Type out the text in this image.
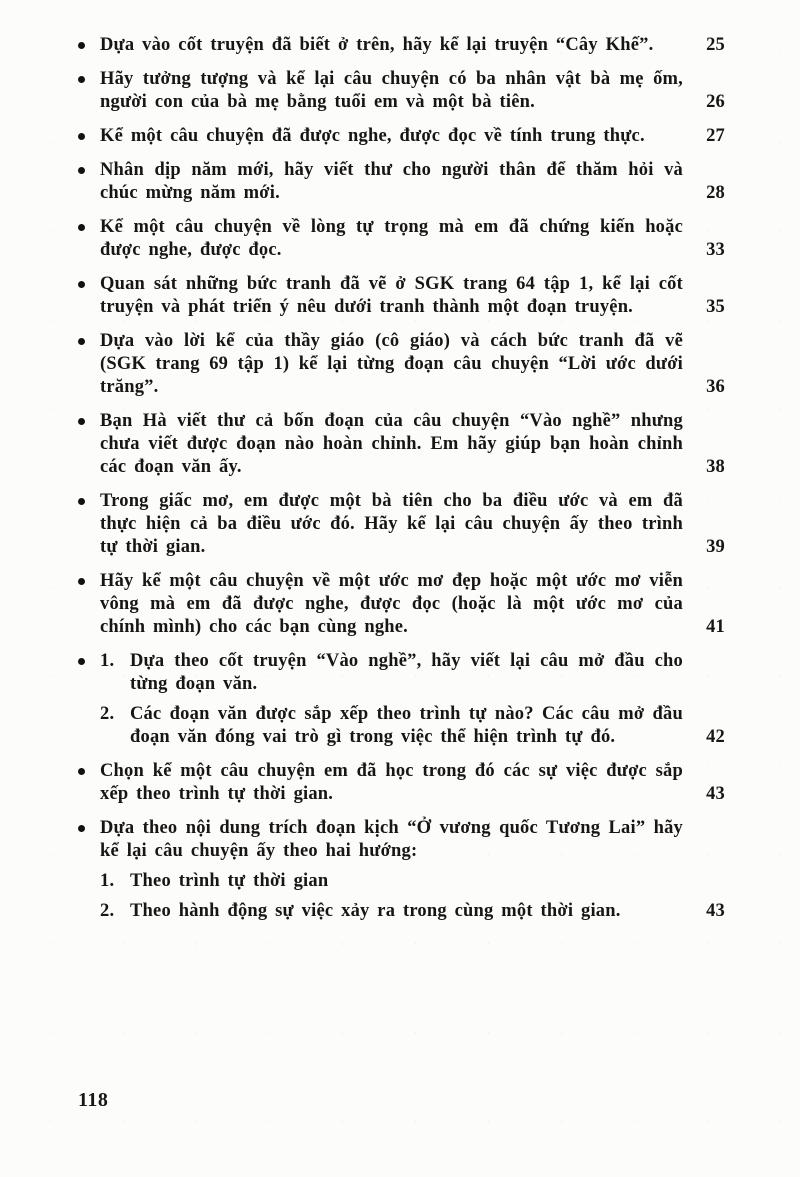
Dựa vào cốt truyện đã biết ở trên, hãy kể lại truyện “Cây Khế”.	25
Hãy tưởng tượng và kể lại câu chuyện có ba nhân vật bà mẹ ốm, người con của bà mẹ bằng tuổi em và một bà tiên.	26
Kể một câu chuyện đã được nghe, được đọc về tính trung thực.	27
Nhân dịp năm mới, hãy viết thư cho người thân để thăm hỏi và chúc mừng năm mới.	28
Kể một câu chuyện về lòng tự trọng mà em đã chứng kiến hoặc được nghe, được đọc.	33
Quan sát những bức tranh đã vẽ ở SGK trang 64 tập 1, kể lại cốt truyện và phát triển ý nêu dưới tranh thành một đoạn truyện.	35
Dựa vào lời kể của thầy giáo (cô giáo) và cách bức tranh đã vẽ (SGK trang 69 tập 1) kể lại từng đoạn câu chuyện “Lời ước dưới trăng”.	36
Bạn Hà viết thư cả bốn đoạn của câu chuyện “Vào nghề” nhưng chưa viết được đoạn nào hoàn chỉnh. Em hãy giúp bạn hoàn chỉnh các đoạn văn ấy.	38
Trong giấc mơ, em được một bà tiên cho ba điều ước và em đã thực hiện cả ba điều ước đó. Hãy kể lại câu chuyện ấy theo trình tự thời gian.	39
Hãy kể một câu chuyện về một ước mơ đẹp hoặc một ước mơ viễn vông mà em đã được nghe, được đọc (hoặc là một ước mơ của chính mình) cho các bạn cùng nghe.	41
1. Dựa theo cốt truyện “Vào nghề”, hãy viết lại câu mở đầu cho từng đoạn văn.
2. Các đoạn văn được sắp xếp theo trình tự nào? Các câu mở đầu đoạn văn đóng vai trò gì trong việc thể hiện trình tự đó.	42
Chọn kể một câu chuyện em đã học trong đó các sự việc được sắp xếp theo trình tự thời gian.	43
Dựa theo nội dung trích đoạn kịch “Ở vương quốc Tương Lai” hãy kể lại câu chuyện ấy theo hai hướng:
1. Theo trình tự thời gian
2. Theo hành động sự việc xảy ra trong cùng một thời gian.	43
118
